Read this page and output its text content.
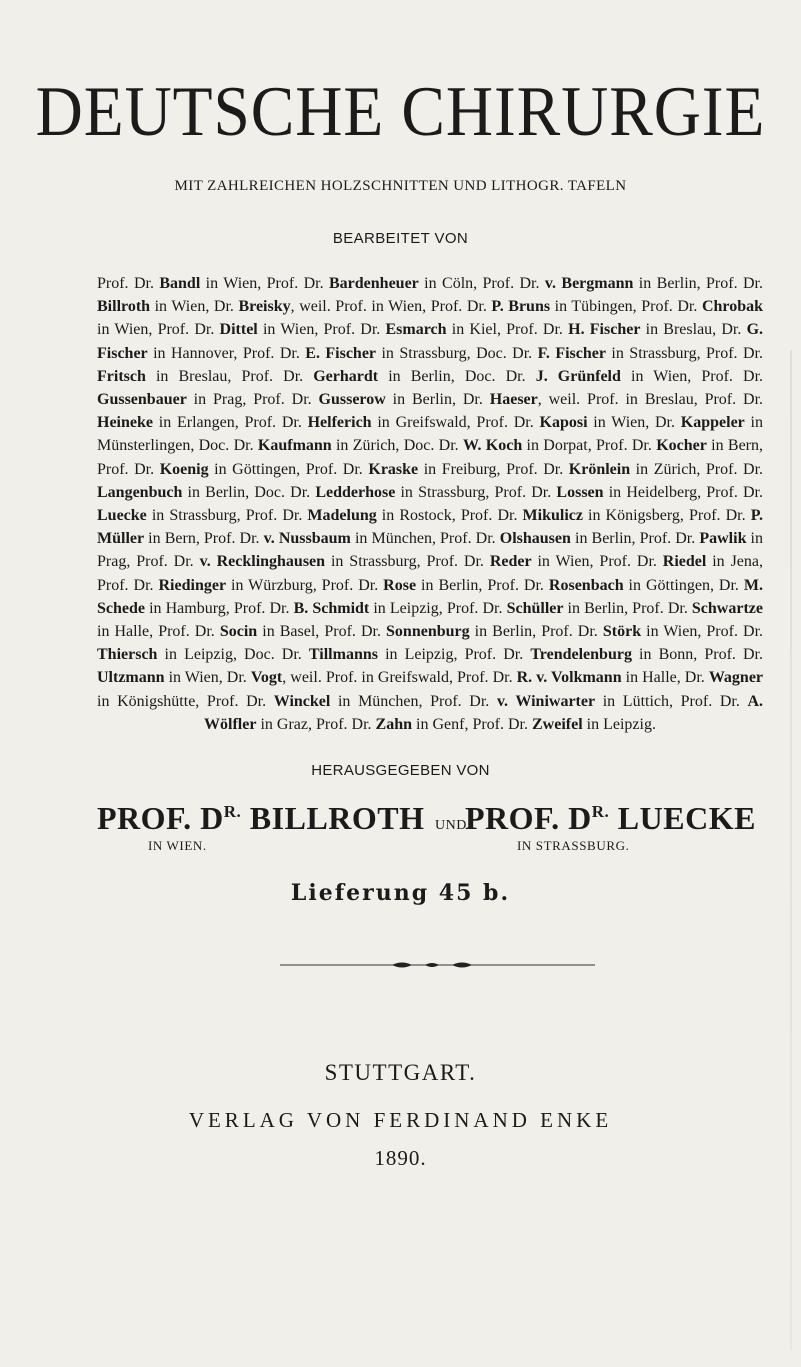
DEUTSCHE CHIRURGIE
MIT ZAHLREICHEN HOLZSCHNITTEN UND LITHOGR. TAFELN
BEARBEITET VON
Prof. Dr. Bandl in Wien, Prof. Dr. Bardenheuer in Cöln, Prof. Dr. v. Bergmann in Berlin, Prof. Dr. Billroth in Wien, Dr. Breisky, weil. Prof. in Wien, Prof. Dr. P. Bruns in Tübingen, Prof. Dr. Chrobak in Wien, Prof. Dr. Dittel in Wien, Prof. Dr. Esmarch in Kiel, Prof. Dr. H. Fischer in Breslau, Dr. G. Fischer in Hannover, Prof. Dr. E. Fischer in Strassburg, Doc. Dr. F. Fischer in Strassburg, Prof. Dr. Fritsch in Breslau, Prof. Dr. Gerhardt in Berlin, Doc. Dr. J. Grünfeld in Wien, Prof. Dr. Gussenbauer in Prag, Prof. Dr. Gusserow in Berlin, Dr. Haeser, weil. Prof. in Breslau, Prof. Dr. Heineke in Erlangen, Prof. Dr. Helferich in Greifswald, Prof. Dr. Kaposi in Wien, Dr. Kappeler in Münsterlingen, Doc. Dr. Kaufmann in Zürich, Doc. Dr. W. Koch in Dorpat, Prof. Dr. Kocher in Bern, Prof. Dr. Koenig in Göttingen, Prof. Dr. Kraske in Freiburg, Prof. Dr. Krönlein in Zürich, Prof. Dr. Langenbuch in Berlin, Doc. Dr. Ledderhose in Strassburg, Prof. Dr. Lossen in Heidelberg, Prof. Dr. Luecke in Strassburg, Prof. Dr. Madelung in Rostock, Prof. Dr. Mikulicz in Königsberg, Prof. Dr. P. Müller in Bern, Prof. Dr. v. Nussbaum in München, Prof. Dr. Olshausen in Berlin, Prof. Dr. Pawlik in Prag, Prof. Dr. v. Recklinghausen in Strassburg, Prof. Dr. Reder in Wien, Prof. Dr. Riedel in Jena, Prof. Dr. Riedinger in Würzburg, Prof. Dr. Rose in Berlin, Prof. Dr. Rosenbach in Göttingen, Dr. M. Schede in Hamburg, Prof. Dr. B. Schmidt in Leipzig, Prof. Dr. Schüller in Berlin, Prof. Dr. Schwartze in Halle, Prof. Dr. Socin in Basel, Prof. Dr. Sonnenburg in Berlin, Prof. Dr. Störk in Wien, Prof. Dr. Thiersch in Leipzig, Doc. Dr. Tillmanns in Leipzig, Prof. Dr. Trendelenburg in Bonn, Prof. Dr. Ultzmann in Wien, Dr. Vogt, weil. Prof. in Greifswald, Prof. Dr. R. v. Volkmann in Halle, Dr. Wagner in Königshütte, Prof. Dr. Winckel in München, Prof. Dr. v. Winiwarter in Lüttich, Prof. Dr. A. Wölfler in Graz, Prof. Dr. Zahn in Genf, Prof. Dr. Zweifel in Leipzig.
HERAUSGEGEBEN VON
PROF. $D^{R.}$ BILLROTH UND
PROF. $D^{R.}$ LUECKE
IN WIEN.	IN STRASSBURG.
Lieferung 45 b.
STUTTGART.
VERLAG VON FERDINAND ENKE
1890.
